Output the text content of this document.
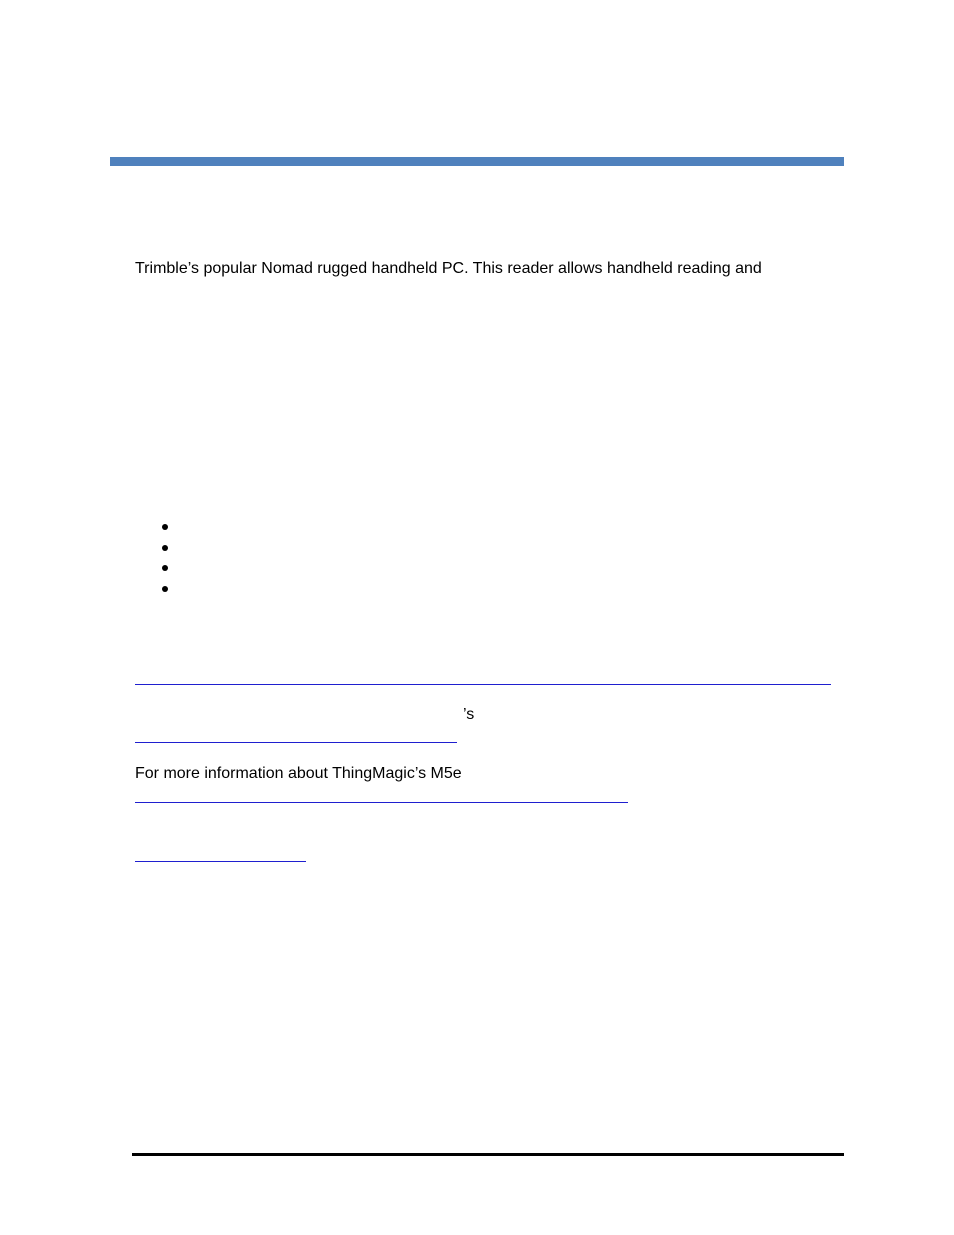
Trimble’s popular Nomad rugged handheld PC. This reader allows handheld reading and
’s
For more information about ThingMagic’s M5e
